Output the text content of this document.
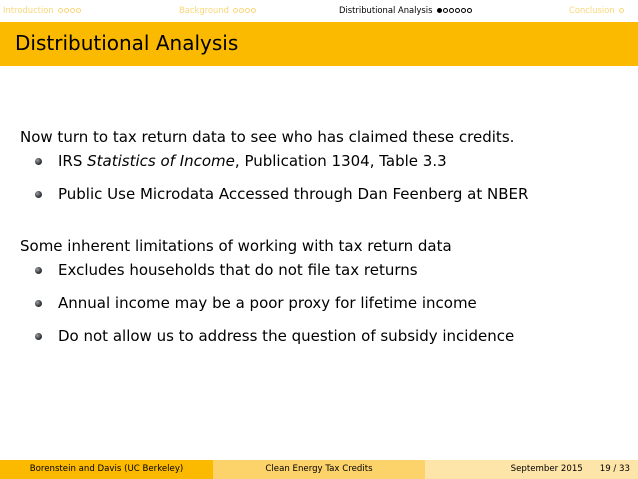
Introduction	Background	Distributional Analysis	Conclusion
Distributional Analysis
Now turn to tax return data to see who has claimed these credits.
IRS Statistics of Income, Publication 1304, Table 3.3
Public Use Microdata Accessed through Dan Feenberg at NBER
Some inherent limitations of working with tax return data
Excludes households that do not file tax returns
Annual income may be a poor proxy for lifetime income
Do not allow us to address the question of subsidy incidence
Borenstein and Davis (UC Berkeley)	Clean Energy Tax Credits	September 2015 19 / 33
